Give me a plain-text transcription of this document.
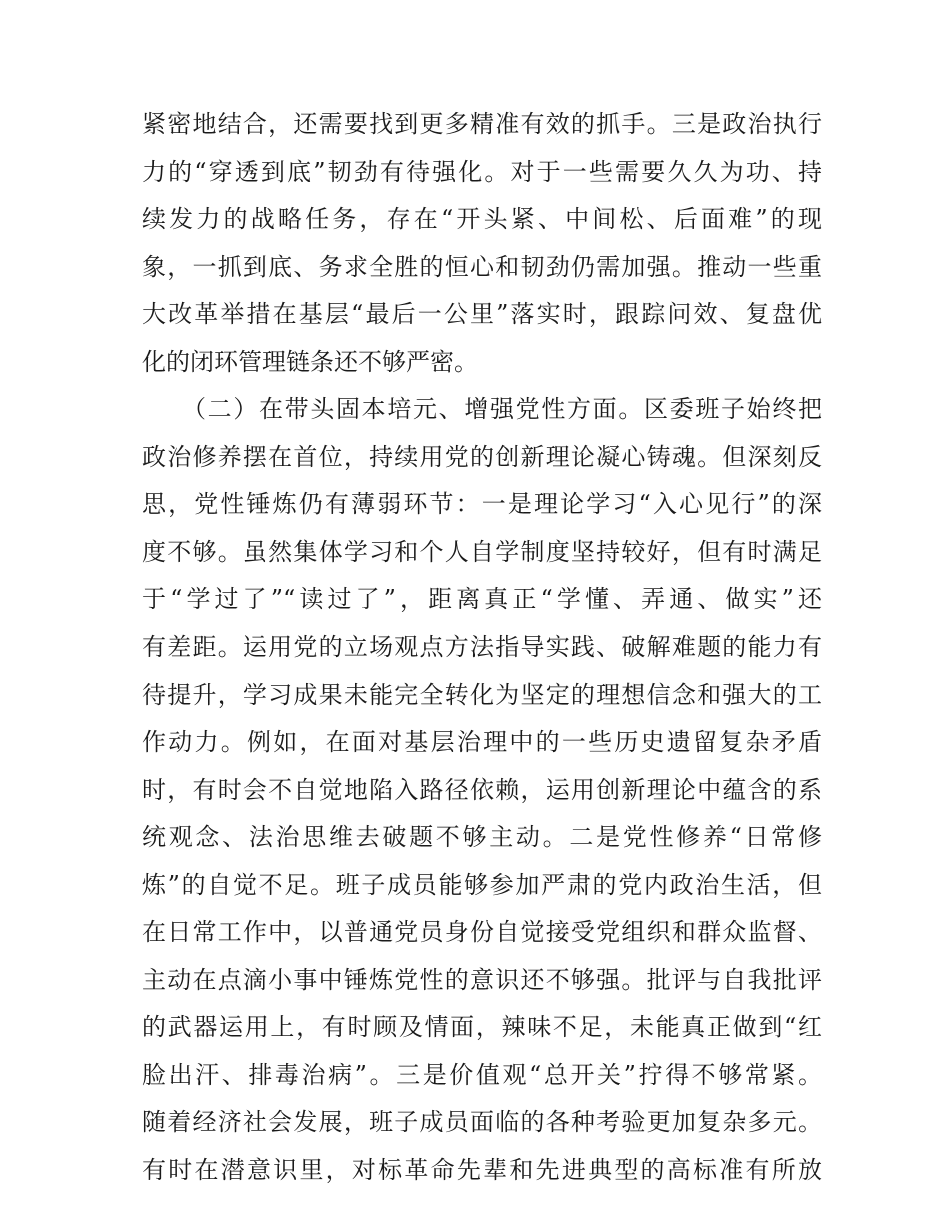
紧密地结合，还需要找到更多精准有效的抓手。三是政治执行
力的“穿透到底”韧劲有待强化。对于一些需要久久为功、持
续发力的战略任务，存在“开头紧、中间松、后面难”的现
象，一抓到底、务求全胜的恒心和韧劲仍需加强。推动一些重
大改革举措在基层“最后一公里”落实时，跟踪问效、复盘优
化的闭环管理链条还不够严密。
（二）在带头固本培元、增强党性方面。区委班子始终把
政治修养摆在首位，持续用党的创新理论凝心铸魂。但深刻反
思，党性锤炼仍有薄弱环节：一是理论学习“入心见行”的深
度不够。虽然集体学习和个人自学制度坚持较好，但有时满足
于“学过了”“读过了”，距离真正“学懂、弄通、做实”还
有差距。运用党的立场观点方法指导实践、破解难题的能力有
待提升，学习成果未能完全转化为坚定的理想信念和强大的工
作动力。例如，在面对基层治理中的一些历史遗留复杂矛盾
时，有时会不自觉地陷入路径依赖，运用创新理论中蕴含的系
统观念、法治思维去破题不够主动。二是党性修养“日常修
炼”的自觉不足。班子成员能够参加严肃的党内政治生活，但
在日常工作中，以普通党员身份自觉接受党组织和群众监督、
主动在点滴小事中锤炼党性的意识还不够强。批评与自我批评
的武器运用上，有时顾及情面，辣味不足，未能真正做到“红
脸出汗、排毒治病”。三是价值观“总开关”拧得不够常紧。
随着经济社会发展，班子成员面临的各种考验更加复杂多元。
有时在潜意识里，对标革命先辈和先进典型的高标准有所放
